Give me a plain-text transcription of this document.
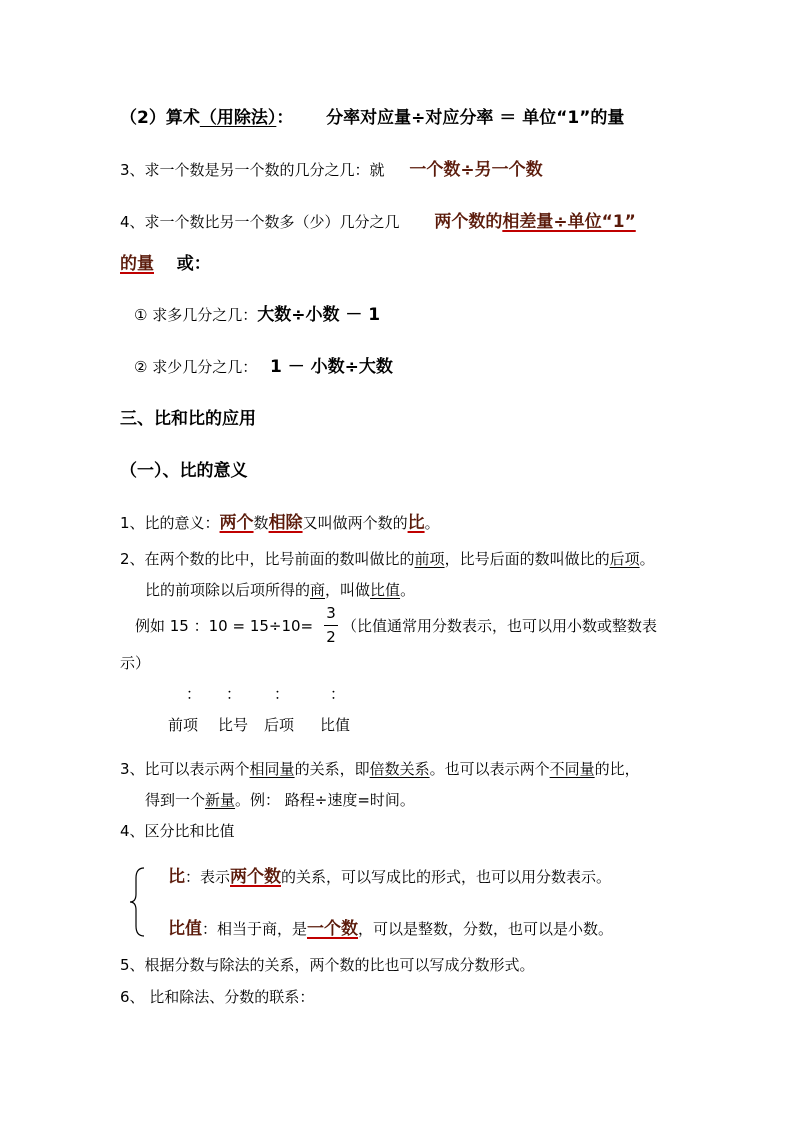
（2）算术（用除法）： 分率对应量÷对应分率 ＝ 单位“1”的量
3、求一个数是另一个数的几分之几：就 一个数÷另一个数
4、求一个数比另一个数多（少）几分之几 两个数的相差量÷单位“1”
的量 或：
① 求多几分之几：大数÷小数 － 1
② 求少几分之几： 1 － 小数÷大数
三、比和比的应用
（一）、比的意义
1、比的意义：两个数相除又叫做两个数的比。
2、在两个数的比中，比号前面的数叫做比的前项，比号后面的数叫做比的后项。
比的前项除以后项所得的商，叫做比值。
例如 15 ：10 = 15÷10=
3
2
（比值通常用分数表示，也可以用小数或整数表
示）
： ： ：	：
前项 比号 后项 比值
3、比可以表示两个相同量的关系，即倍数关系。也可以表示两个不同量的比，
得到一个新量。例： 路程÷速度=时间。
4、区分比和比值
比：表示两个数的关系，可以写成比的形式，也可以用分数表示。
比值：相当于商，是一个数，可以是整数，分数，也可以是小数。
5、根据分数与除法的关系，两个数的比也可以写成分数形式。
6、 比和除法、分数的联系：
